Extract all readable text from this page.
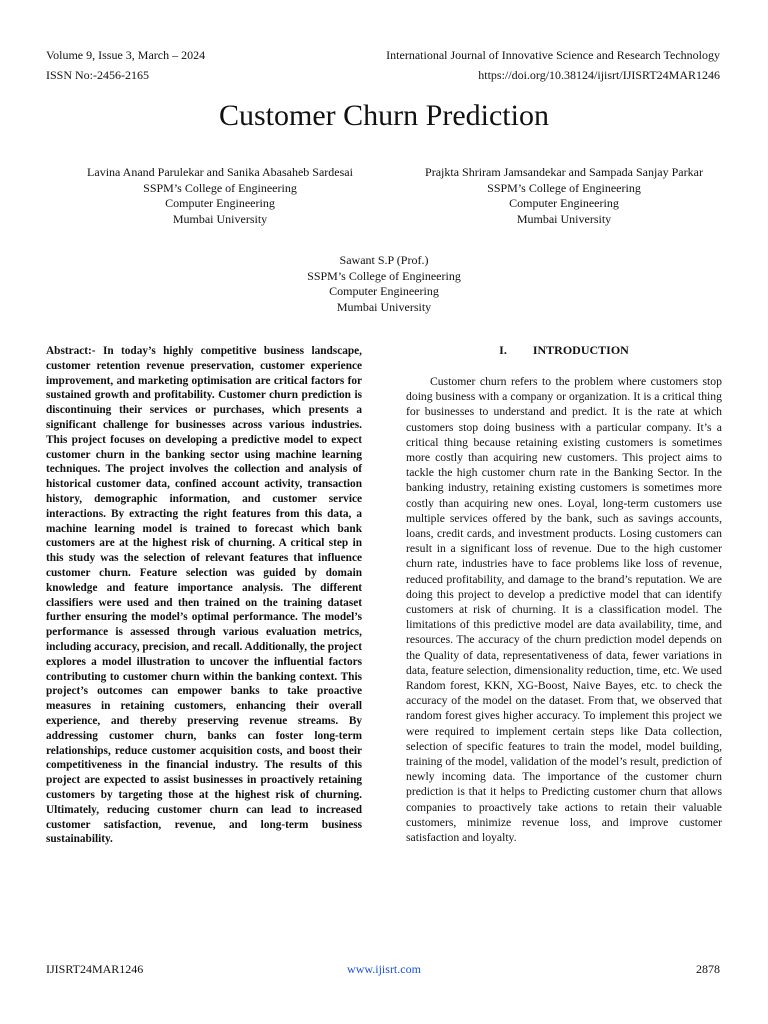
Volume 9, Issue 3, March – 2024
ISSN No:-2456-2165
International Journal of Innovative Science and Research Technology
https://doi.org/10.38124/ijisrt/IJISRT24MAR1246
Customer Churn Prediction
Lavina Anand Parulekar and Sanika Abasaheb Sardesai
SSPM’s College of Engineering
Computer Engineering
Mumbai University
Prajkta Shriram Jamsandekar and Sampada Sanjay Parkar
SSPM’s College of Engineering
Computer Engineering
Mumbai University
Sawant S.P (Prof.)
SSPM’s College of Engineering
Computer Engineering
Mumbai University

Abstract:- In today’s highly competitive business landscape, customer retention revenue preservation, customer experience improvement, and marketing optimisation are critical factors for sustained growth and profitability. Customer churn prediction is discontinuing their services or purchases, which presents a significant challenge for businesses across various industries. This project focuses on developing a predictive model to expect customer churn in the banking sector using machine learning techniques. The project involves the collection and analysis of historical customer data, confined account activity, transaction history, demographic information, and customer service interactions. By extracting the right features from this data, a machine learning model is trained to forecast which bank customers are at the highest risk of churning. A critical step in this study was the selection of relevant features that influence customer churn. Feature selection was guided by domain knowledge and feature importance analysis. The different classifiers were used and then trained on the training dataset further ensuring the model’s optimal performance. The model’s performance is assessed through various evaluation metrics, including accuracy, precision, and recall. Additionally, the project explores a model illustration to uncover the influential factors contributing to customer churn within the banking context. This project’s outcomes can empower banks to take proactive measures in retaining customers, enhancing their overall experience, and thereby preserving revenue streams. By addressing customer churn, banks can foster long-term relationships, reduce customer acquisition costs, and boost their competitiveness in the financial industry. The results of this project are expected to assist businesses in proactively retaining customers by targeting those at the highest risk of churning. Ultimately, reducing customer churn can lead to increased customer satisfaction, revenue, and long-term business sustainability.

I. INTRODUCTION

Customer churn refers to the problem where customers stop doing business with a company or organization. It is a critical thing for businesses to understand and predict. It is the rate at which customers stop doing business with a particular company. It’s a critical thing because retaining existing customers is sometimes more costly than acquiring new customers. This project aims to tackle the high customer churn rate in the Banking Sector. In the banking industry, retaining existing customers is sometimes more costly than acquiring new ones. Loyal, long-term customers use multiple services offered by the bank, such as savings accounts, loans, credit cards, and investment products. Losing customers can result in a significant loss of revenue. Due to the high customer churn rate, industries have to face problems like loss of revenue, reduced profitability, and damage to the brand’s reputation. We are doing this project to develop a predictive model that can identify customers at risk of churning. It is a classification model. The limitations of this predictive model are data availability, time, and resources. The accuracy of the churn prediction model depends on the Quality of data, representativeness of data, fewer variations in data, feature selection, dimensionality reduction, time, etc. We used Random forest, KKN, XG-Boost, Naive Bayes, etc. to check the accuracy of the model on the dataset. From that, we observed that random forest gives higher accuracy. To implement this project we were required to implement certain steps like Data collection, selection of specific features to train the model, model building, training of the model, validation of the model’s result, prediction of newly incoming data. The importance of the customer churn prediction is that it helps to Predicting customer churn that allows companies to proactively take actions to retain their valuable customers, minimize revenue loss, and improve customer satisfaction and loyalty.

IJISRT24MAR1246	www.ijisrt.com	2878
